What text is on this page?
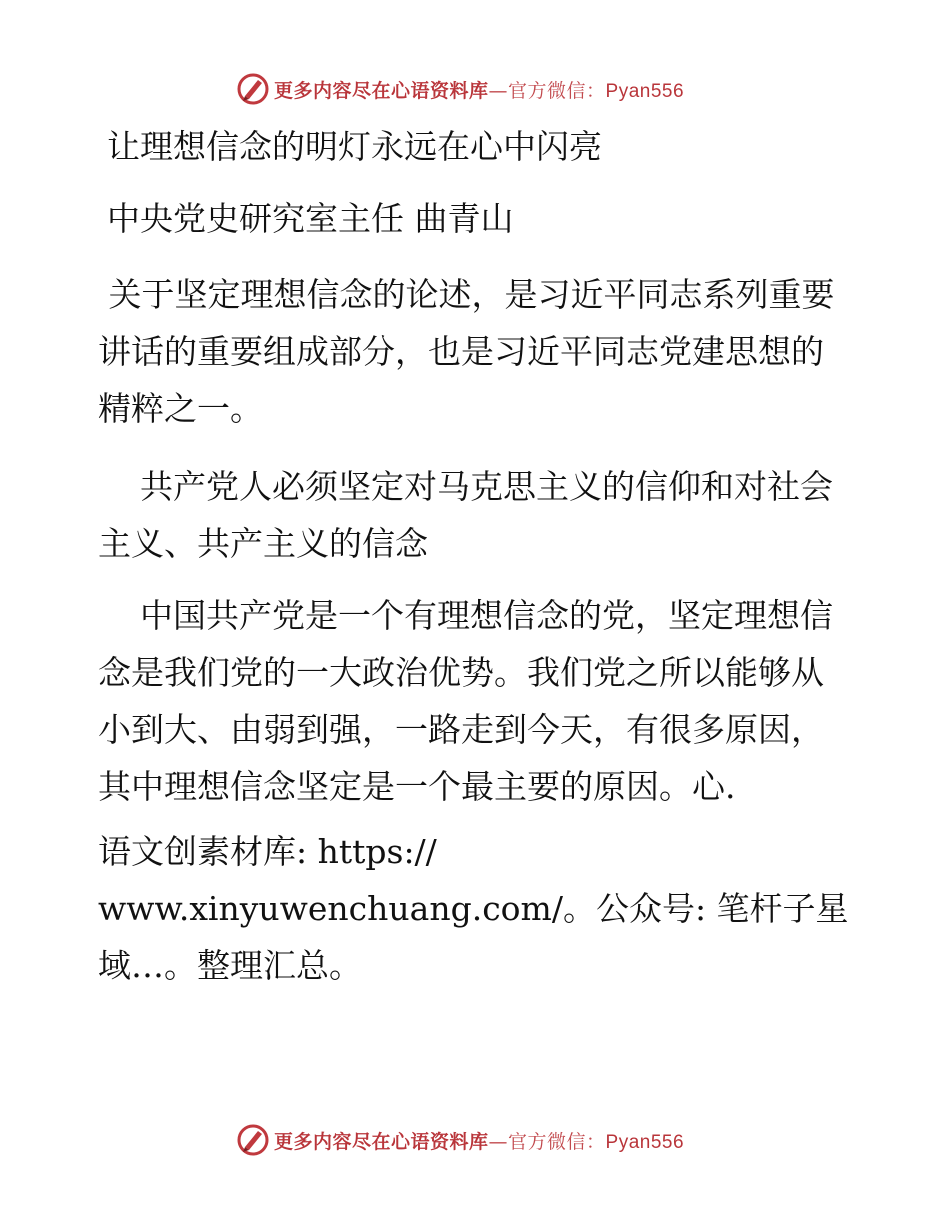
更多内容尽在心语资料库—官方微信：Pyan556

让理想信念的明灯永远在心中闪亮

中央党史研究室主任 曲青山

关于坚定理想信念的论述，是习近平同志系列重要讲话的重要组成部分，也是习近平同志党建思想的精粹之一。

共产党人必须坚定对马克思主义的信仰和对社会主义、共产主义的信念

中国共产党是一个有理想信念的党，坚定理想信念是我们党的一大政治优势。我们党之所以能够从小到大、由弱到强，一路走到今天，有很多原因，其中理想信念坚定是一个最主要的原因。心.

语文创素材库: https://

www.xinyuwenchuang.com/。公众号: 笔杆子星

域…。整理汇总。

更多内容尽在心语资料库—官方微信：Pyan556
